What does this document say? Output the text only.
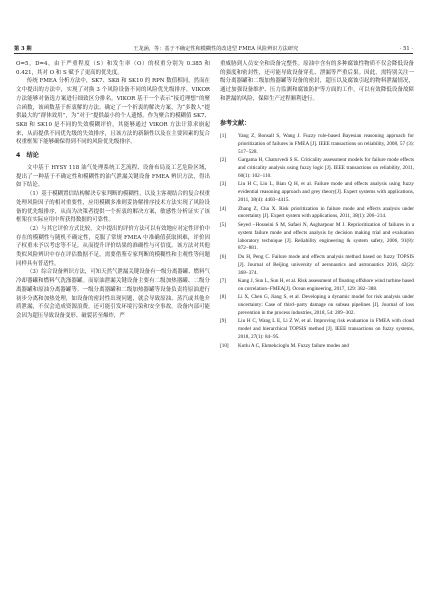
第 3 期	王龙涵，等：基于不确定性和模糊性的改进型 FMEA 风险辨识方法研究	· 51 ·

O=5，D=4，由于严重程度（S）和发生率（O）的权重分别为 0.385 和 0.421，其对 O 和 S 赋予了更高的优先度。

传统 FMEA 分析方法中，SK7、SK8 和 SK10 的 RPN 数值相同，然而在文中提出的方法中，实现了对换 3 个风险设备不同的风险优先级排序。VIKOR 方法能够对备选方案进行细致区分排名。VIKOR 基于一个表示“接近理想”的聚合函数，该函数基于折衷解的方法。确定了一个折衷的解决方案，为“多数人”提供最大的“群体效用”，为“对于”提供最小的个人遗憾。作为聚合的模糊值 SK7、SK8 和 SK10 是不同的失效模糊评价，其能够通过 VIKOR 方法计算求崩起来，从而提供不同优先级的失效排序，且该方法的新颖性以及在主要因素的复合权重框架下能够确保得到不同的风险优先级排序。

4　结论

文中基于 HYSY 118 油气处理系统工艺流程、设备布局及工艺危险区域，提出了一种基于不确定性和模糊性的油气泄漏关键设备 FMEA 辨识方法，得出如下结论。

（1）基于模糊置信结构解决专家判断的模糊性，以及主客观结合的复合权重处理风险因子的相对重要性，应用模糊多准则妥协解排序技术方法实现了风险设备的优先级排序，从而为决策者提供一个折衷的解决方案，敏感性分析证实了该框架在实际应用中所获得数据的可靠性。

（2）与其它评价方式比较，文中提出的评价方法可以有效地应对定性评价中存在的模糊性与随机不确定性，克服了常规 FMEA 中准确值获取困难，评价因子权重未予以考虑等不足，从而提升评价结果的准确性与可信度。该方法对其他类似风险辨识中存在评估数据不足，需要借鉴专家判断的模糊性和主观性等问题同样具有普适性。

（3）综合设备辨识方法，可知天然气泄漏关键设备有一级分离器罐、燃料气冷却器罐和燃料气洗涤器罐。而原油泄漏关键设备主要有二级加热器罐、二级分离器罐和原油分离器罐等。一级分离器罐和二级加热器罐等设备负责将原油进行初步分离和加热处理，如设备的密封性出现问题，就会导致原油、蒸汽或其他介质泄漏，不仅会造成资源浪费，还可能引发环境污染和安全事故。设备内部可能会因为超压导致设备变形、破裂甚至爆炸，严

重威胁到人员安全和设备完整性。原油中含有的多种腐蚀性物质不仅会降低设备的强度和密封性，还可能导致设备穿孔、泄漏等严重后果。因此，需特别关注一级分离器罐和二级加热器罐等设备的密封，超压以及腐蚀引起的物料泄漏情况，通过加强设备维护、压力监测和腐蚀防护等方面的工作，可以有效降低设备故障和泄漏的风险，保障生产过程顺利进行。

参考文献：
[1]	Yang Z, Bonsall S, Wang J. Fuzzy rule-based Bayesian reasoning approach for prioritization of failures in FMEA [J]. IEEE transactions on reliability, 2008, 57 (3): 517−528.
[2]	Gargama H, Chaturvedi S K. Criticality assessment models for failure mode effects and criticality analysis using fuzzy logic [J]. IEEE transactions on reliability, 2011, 60(1): 102−110.
[3]	Liu H C, Liu L, Bian Q H, et al. Failure mode and effects analysis using fuzzy evidential reasoning approach and grey theory[J]. Expert systems with applications, 2011, 38(4): 4403−4415.
[4]	Zhang Z, Chu X. Risk prioritization in failure mode and effects analysis under uncertainty [J]. Expert system with applications, 2011, 38(1): 206−214.
[5]	Seyed −Hosseini S M, Safaei N, Asgharpour M J. Reprioritization of failures in a system failure mode and effects analysis by decision making trial and evaluation laboratory technique [J]. Reliability engineering & system safety, 2006, 91(8): 872−881.
[6]	Du H, Peng C. Failure mode and effects analysis method based on fuzzy TOPSIS [J]. Journal of Beijing university of aeronautics and astronautics 2016, 42(2): 368−374.
[7]	Kang J, Sun L, Sun H, et al. Risk assessment of floating offshore wind turbine based on correlation−FMEA[J]. Ocean engineering, 2017, 129: 382−388.
[8]	Li X, Chen G, Jiang S, et al. Developing a dynamic model for risk analysis under uncertainty: Case of third−party damage on subsea pipelines [J]. Journal of loss prevention in the process industries, 2018, 54: 289−302.
[9]	Liu H C, Wang L E, Li Z W, et al. Improving risk evaluation in FMEA with cloud model and hierarchical TOPSIS method [J]. IEEE transactions on fuzzy systems, 2018, 27(1): 84−95.
[10]	Kutlu A C, Ekmekcioglu M. Fuzzy failure modes and
